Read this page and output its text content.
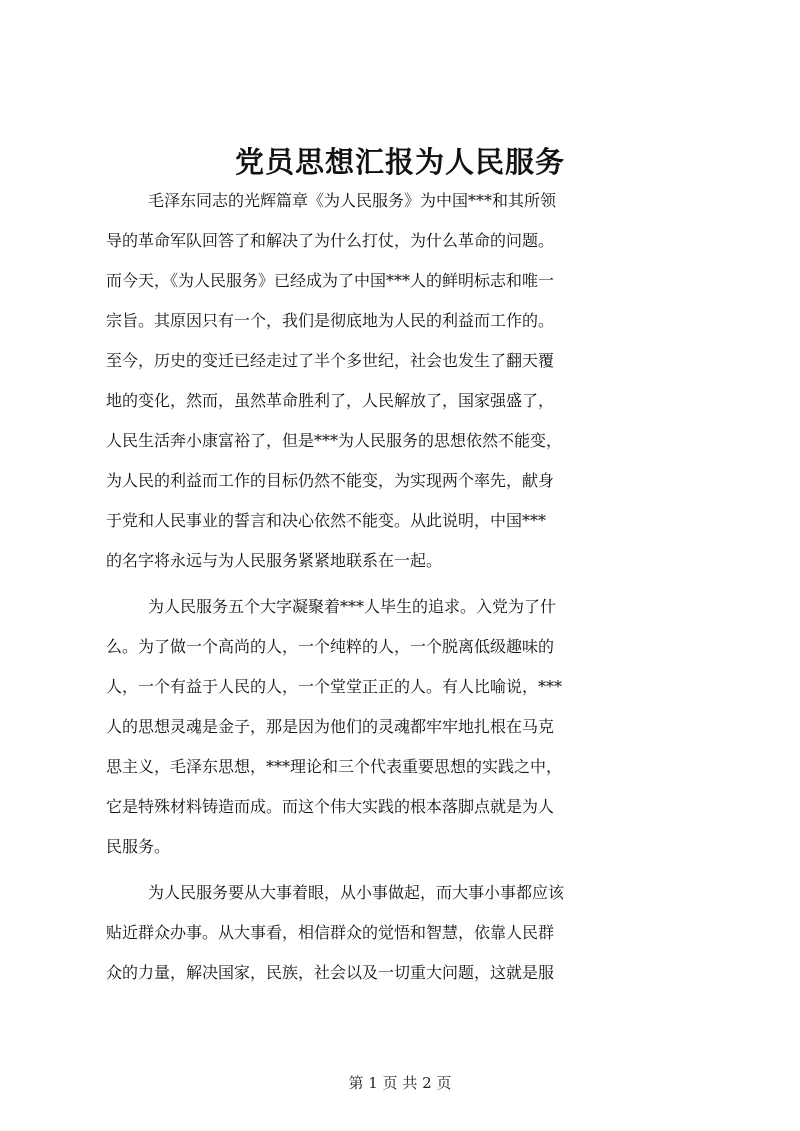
党员思想汇报为人民服务
毛泽东同志的光辉篇章《为人民服务》为中国***和其所领
导的革命军队回答了和解决了为什么打仗，为什么革命的问题。
而今天，《为人民服务》已经成为了中国***人的鲜明标志和唯一
宗旨。其原因只有一个，我们是彻底地为人民的利益而工作的。
至今，历史的变迁已经走过了半个多世纪，社会也发生了翻天覆
地的变化，然而，虽然革命胜利了，人民解放了，国家强盛了，
人民生活奔小康富裕了，但是***为人民服务的思想依然不能变，
为人民的利益而工作的目标仍然不能变，为实现两个率先，献身
于党和人民事业的誓言和决心依然不能变。从此说明，中国***
的名字将永远与为人民服务紧紧地联系在一起。
为人民服务五个大字凝聚着***人毕生的追求。入党为了什
么。为了做一个高尚的人，一个纯粹的人，一个脱离低级趣味的
人，一个有益于人民的人，一个堂堂正正的人。有人比喻说，***
人的思想灵魂是金子，那是因为他们的灵魂都牢牢地扎根在马克
思主义，毛泽东思想，***理论和三个代表重要思想的实践之中，
它是特殊材料铸造而成。而这个伟大实践的根本落脚点就是为人
民服务。
为人民服务要从大事着眼，从小事做起，而大事小事都应该
贴近群众办事。从大事看，相信群众的觉悟和智慧，依靠人民群
众的力量，解决国家，民族，社会以及一切重大问题，这就是服
第 1 页 共 2 页
